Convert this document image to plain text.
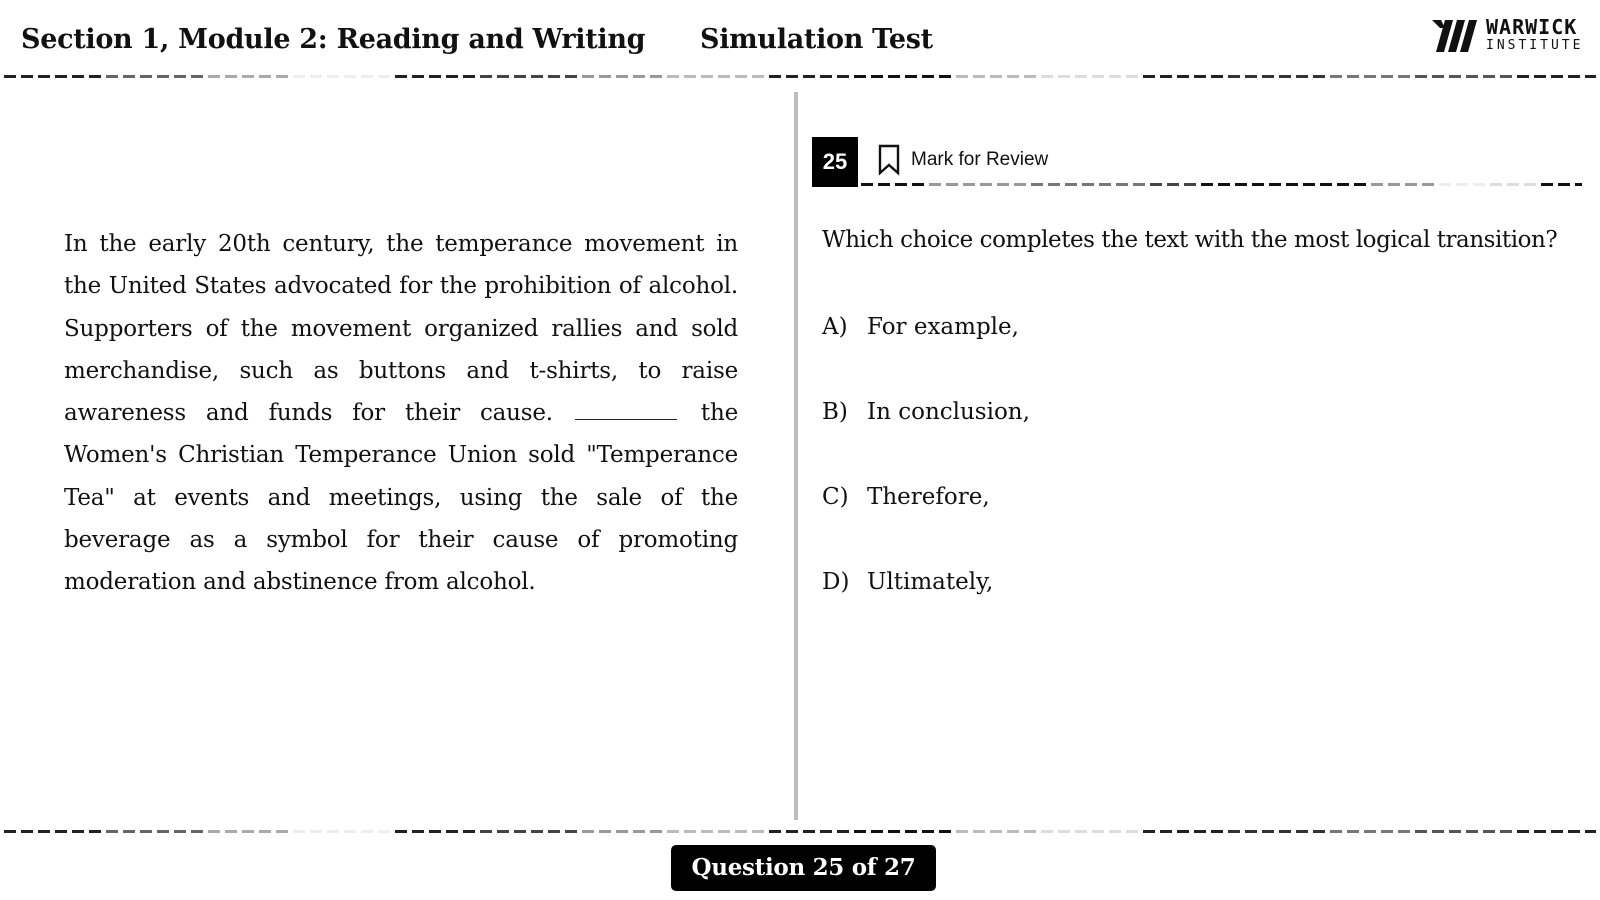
Section 1, Module 2: Reading and Writing Simulation Test	WARWICK
INSTITUTE

In the early 20th century, the temperance movement in the United States advocated for the prohibition of alcohol. Supporters of the movement organized rallies and sold merchandise, such as buttons and t-shirts, to raise awareness and funds for their cause.	the Women's Christian Temperance Union sold "Temperance Tea" at events and meetings, using the sale of the beverage as a symbol for their cause of promoting moderation and abstinence from alcohol.

25	Mark for Review

Which choice completes the text with the most logical transition?

A) For example,
B) In conclusion,
C) Therefore,
D) Ultimately,
Question 25 of 27
